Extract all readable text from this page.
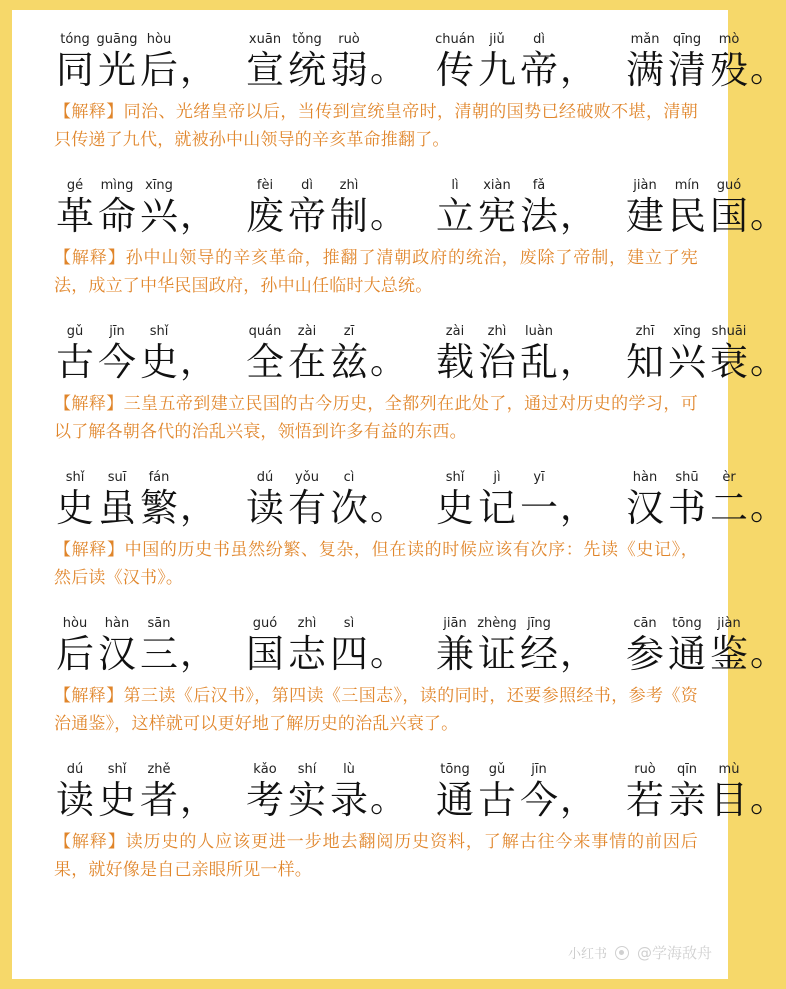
tóng
同
guāng
光
hòu
后 ，
xuān
宣
tǒng
统
ruò
弱 。
chuán
传
jiǔ
九
dì
帝 ，
mǎn
满
qīng
清
mò
殁 。
【解释】同治、光绪皇帝以后，当传到宣统皇帝时，清朝的国势已经破败不堪，清朝只传递了九代，就被孙中山领导的辛亥革命推翻了。
gé
革
mìng
命
xīng
兴 ，
fèi
废
dì
帝
zhì
制 。
lì
立
xiàn
宪
fǎ
法 ，
jiàn
建
mín
民
guó
国 。
【解释】孙中山领导的辛亥革命，推翻了清朝政府的统治，废除了帝制，建立了宪法，成立了中华民国政府，孙中山任临时大总统。
gǔ
古
jīn
今
shǐ
史 ，
quán
全
zài
在
zī
兹 。
zài
载
zhì
治
luàn
乱 ，
zhī
知
xīng
兴
shuāi
衰 。
【解释】三皇五帝到建立民国的古今历史，全都列在此处了，通过对历史的学习，可以了解各朝各代的治乱兴衰，领悟到许多有益的东西。
shǐ
史
suī
虽
fán
繁 ，
dú
读
yǒu
有
cì
次 。
shǐ
史
jì
记
yī
一 ，
hàn
汉
shū
书
èr
二 。
【解释】中国的历史书虽然纷繁、复杂，但在读的时候应该有次序：先读《史记》，然后读《汉书》。
hòu
后
hàn
汉
sān
三 ，
guó
国
zhì
志
sì
四 。
jiān
兼
zhèng
证
jīng
经 ，
cān
参
tōng
通
jiàn
鉴 。
【解释】第三读《后汉书》，第四读《三国志》，读的同时，还要参照经书，参考《资治通鉴》，这样就可以更好地了解历史的治乱兴衰了。
dú
读
shǐ
史
zhě
者 ，
kǎo
考
shí
实
lù
录 。
tōng
通
gǔ
古
jīn
今 ，
ruò
若
qīn
亲
mù
目 。
【解释】读历史的人应该更进一步地去翻阅历史资料，了解古往今来事情的前因后果，就好像是自己亲眼所见一样。
小红书 @学海敌舟
